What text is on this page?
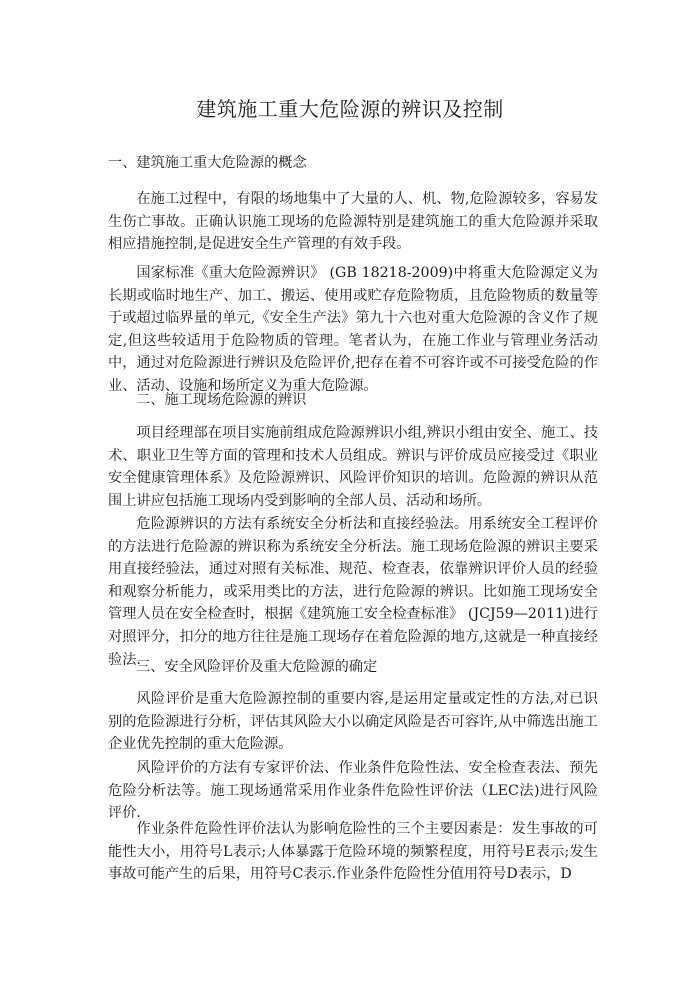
建筑施工重大危险源的辨识及控制

一、建筑施工重大危险源的概念

在施工过程中，有限的场地集中了大量的人、机、物,危险源较多，容易发生伤亡事故。正确认识施工现场的危险源特别是建筑施工的重大危险源并采取相应措施控制,是促进安全生产管理的有效手段。

国家标准《重大危险源辨识》 (GB 18218-2009)中将重大危险源定义为长期或临时地生产、加工、搬运、使用或贮存危险物质，且危险物质的数量等于或超过临界量的单元,《安全生产法》第九十六也对重大危险源的含义作了规定,但这些较适用于危险物质的管理。笔者认为，在施工作业与管理业务活动中，通过对危险源进行辨识及危险评价,把存在着不可容许或不可接受危险的作业、活动、设施和场所定义为重大危险源。

二、施工现场危险源的辨识

项目经理部在项目实施前组成危险源辨识小组,辨识小组由安全、施工、技术、职业卫生等方面的管理和技术人员组成。辨识与评价成员应接受过《职业安全健康管理体系》及危险源辨识、风险评价知识的培训。危险源的辨识从范围上讲应包括施工现场内受到影响的全部人员、活动和场所。

危险源辨识的方法有系统安全分析法和直接经验法。用系统安全工程评价的方法进行危险源的辨识称为系统安全分析法。施工现场危险源的辨识主要采用直接经验法，通过对照有关标准、规范、检查表，依靠辨识评价人员的经验和观察分析能力，或采用类比的方法，进行危险源的辨识。比如施工现场安全管理人员在安全检查时，根据《建筑施工安全检查标准》 (JCJ59—2011)进行对照评分，扣分的地方往往是施工现场存在着危险源的地方,这就是一种直接经验法.

三、安全风险评价及重大危险源的确定

风险评价是重大危险源控制的重要内容,是运用定量或定性的方法,对已识别的危险源进行分析，评估其风险大小以确定风险是否可容许,从中筛选出施工企业优先控制的重大危险源。

风险评价的方法有专家评价法、作业条件危险性法、安全检查表法、预先危险分析法等。施工现场通常采用作业条件危险性评价法（LEC法)进行风险评价.

作业条件危险性评价法认为影响危险性的三个主要因素是：发生事故的可能性大小，用符号L表示;人体暴露于危险环境的频繁程度，用符号E表示;发生事故可能产生的后果，用符号C表示.作业条件危险性分值用符号D表示，D
